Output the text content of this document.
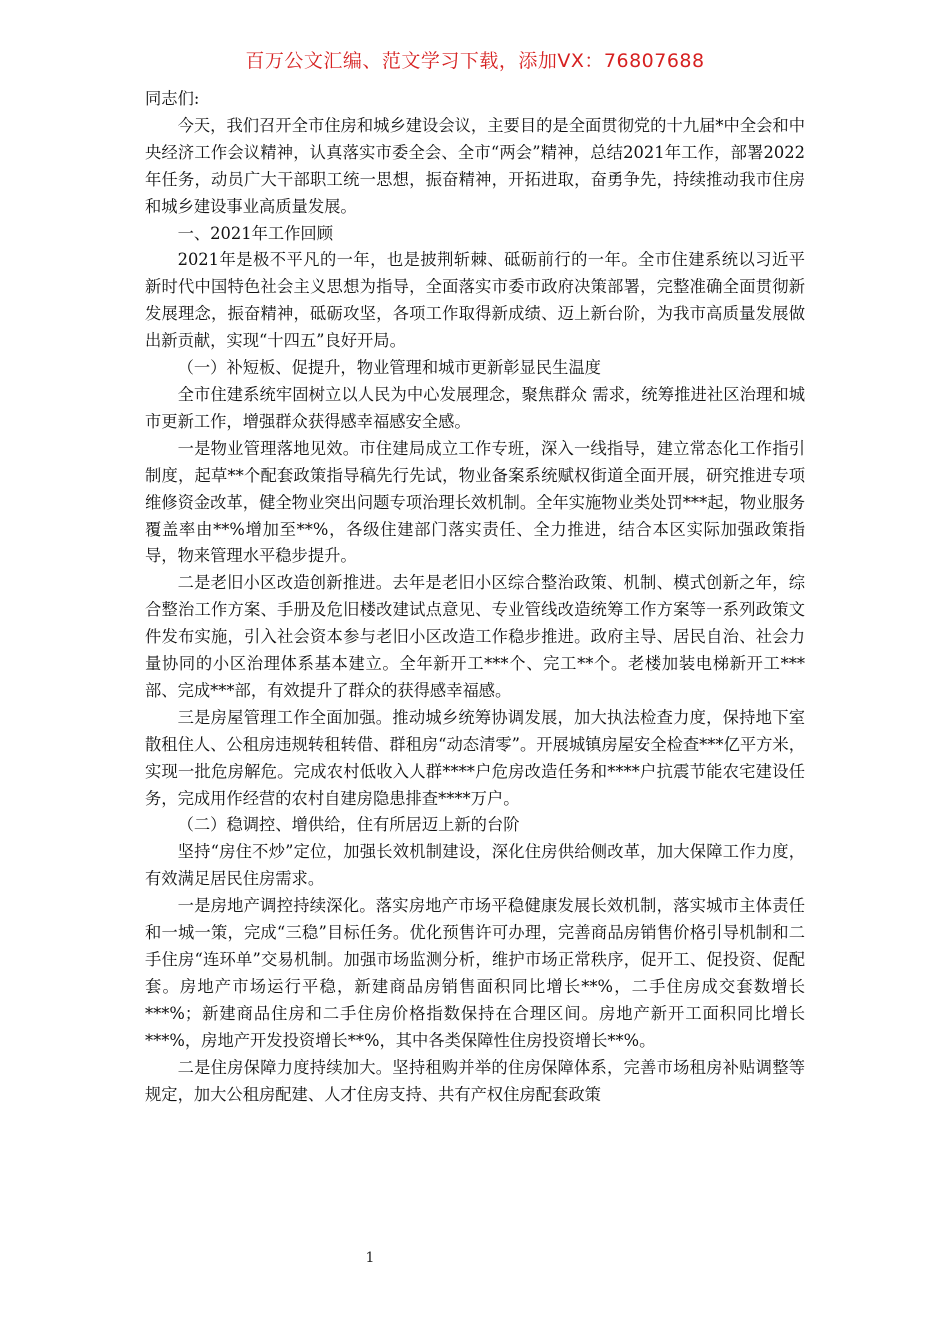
百万公文汇编、范文学习下载，添加VX：76807688

同志们:

今天，我们召开全市住房和城乡建设会议，主要目的是全面贯彻党的十九届*中全会和中央经济工作会议精神，认真落实市委全会、全市“两会”精神，总结2021年工作，部署2022年任务，动员广大干部职工统一思想，振奋精神，开拓进取，奋勇争先，持续推动我市住房和城乡建设事业高质量发展。

一、2021年工作回顾

2021年是极不平凡的一年，也是披荆斩棘、砥砺前行的一年。全市住建系统以习近平新时代中国特色社会主义思想为指导，全面落实市委市政府决策部署，完整准确全面贯彻新发展理念，振奋精神，砥砺攻坚，各项工作取得新成绩、迈上新台阶，为我市高质量发展做出新贡献，实现“十四五”良好开局。

（一）补短板、促提升，物业管理和城市更新彰显民生温度

全市住建系统牢固树立以人民为中心发展理念，聚焦群众 需求，统筹推进社区治理和城市更新工作，增强群众获得感幸福感安全感。

一是物业管理落地见效。市住建局成立工作专班，深入一线指导，建立常态化工作指引制度，起草**个配套政策指导稿先行先试，物业备案系统赋权街道全面开展，研究推进专项维修资金改革，健全物业突出问题专项治理长效机制。全年实施物业类处罚***起，物业服务覆盖率由**%增加至**%，各级住建部门落实责任、全力推进，结合本区实际加强政策指导，物来管理水平稳步提升。

二是老旧小区改造创新推进。去年是老旧小区综合整治政策、机制、模式创新之年，综合整治工作方案、手册及危旧楼改建试点意见、专业管线改造统筹工作方案等一系列政策文件发布实施，引入社会资本参与老旧小区改造工作稳步推进。政府主导、居民自治、社会力量协同的小区治理体系基本建立。全年新开工***个、完工**个。老楼加装电梯新开工***部、完成***部，有效提升了群众的获得感幸福感。

三是房屋管理工作全面加强。推动城乡统筹协调发展，加大执法检查力度，保持地下室散租住人、公租房违规转租转借、群租房“动态清零”。开展城镇房屋安全检查***亿平方米，实现一批危房解危。完成农村低收入人群****户危房改造任务和****户抗震节能农宅建设任务，完成用作经营的农村自建房隐患排查****万户。

（二）稳调控、增供给，住有所居迈上新的台阶

坚持“房住不炒”定位，加强长效机制建设，深化住房供给侧改革，加大保障工作力度，有效满足居民住房需求。

一是房地产调控持续深化。落实房地产市场平稳健康发展长效机制，落实城市主体责任和一城一策，完成“三稳”目标任务。优化预售许可办理，完善商品房销售价格引导机制和二手住房“连环单”交易机制。加强市场监测分析，维护市场正常秩序，促开工、促投资、促配套。房地产市场运行平稳，新建商品房销售面积同比增长**%，二手住房成交套数增长***%；新建商品住房和二手住房价格指数保持在合理区间。房地产新开工面积同比增长***%，房地产开发投资增长**%，其中各类保障性住房投资增长**%。

二是住房保障力度持续加大。坚持租购并举的住房保障体系，完善市场租房补贴调整等规定，加大公租房配建、人才住房支持、共有产权住房配套政策

1
